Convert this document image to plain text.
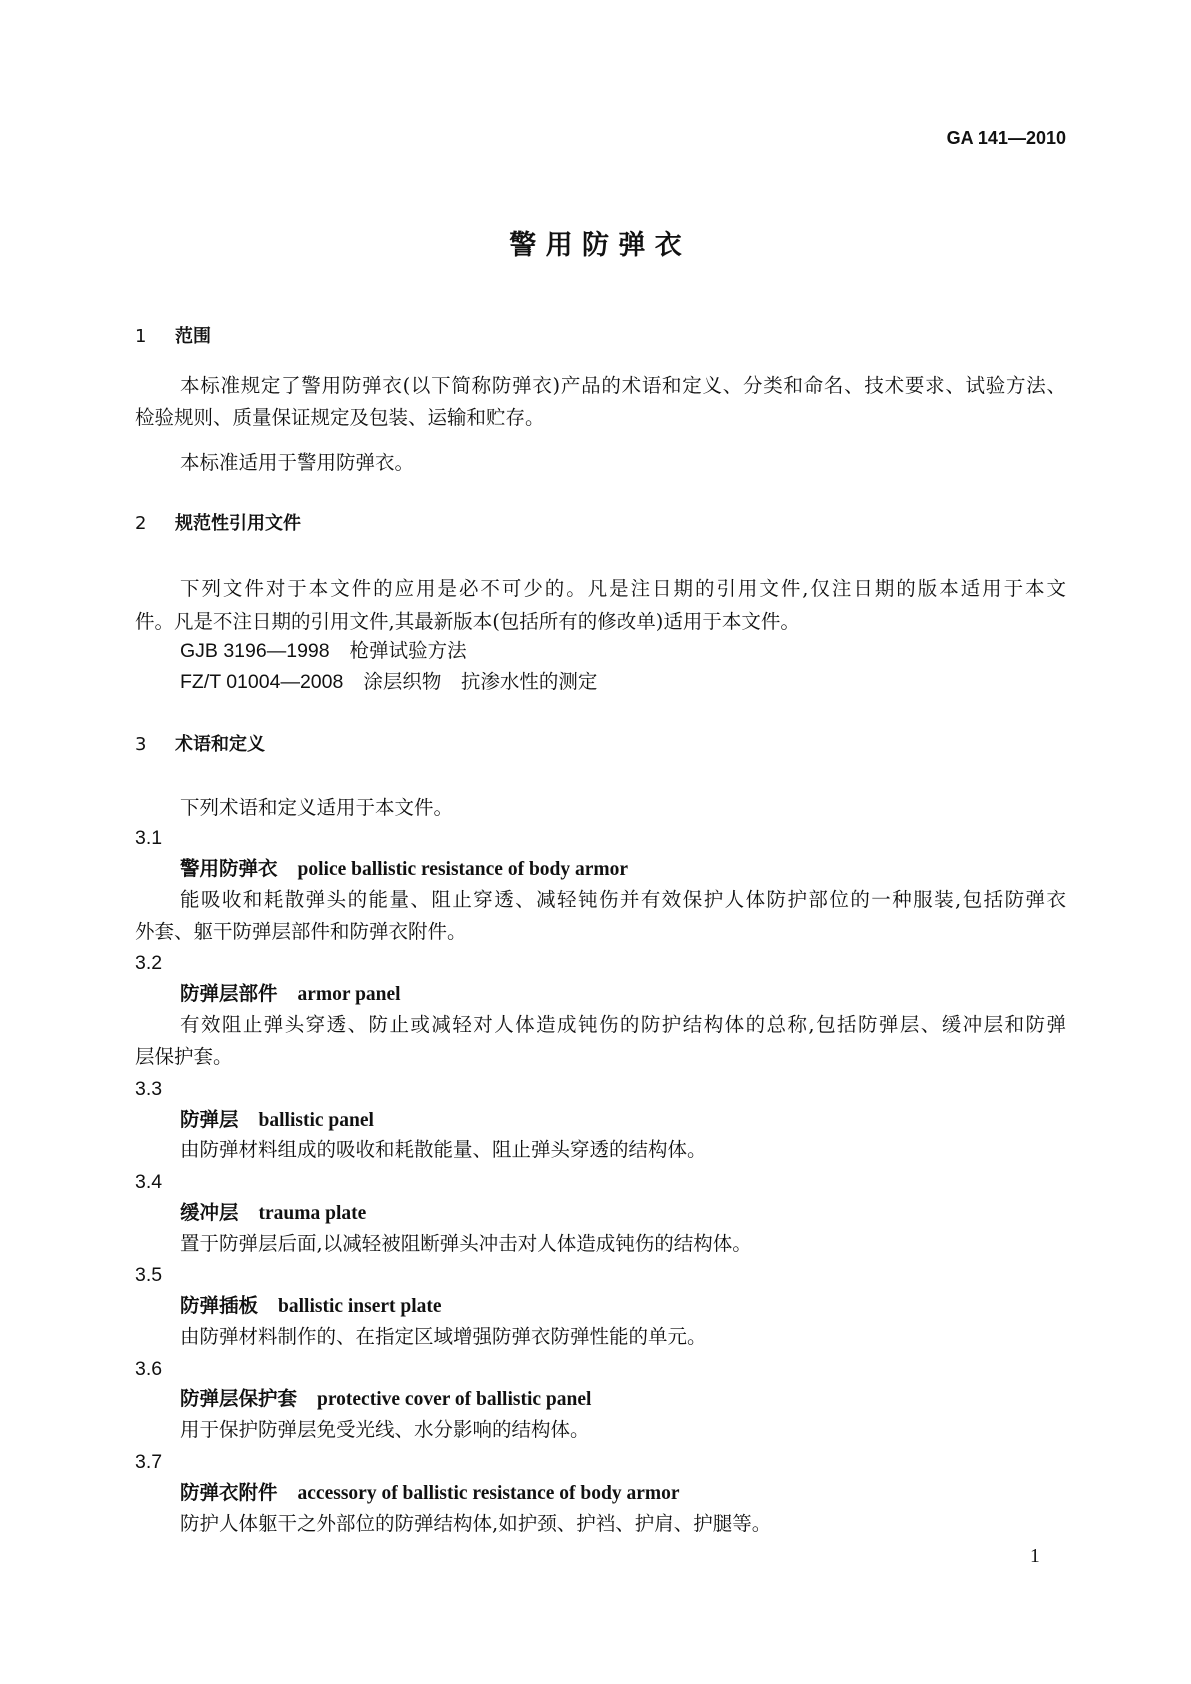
GA 141—2010
警 用 防 弹 衣
1 范围
本标准规定了警用防弹衣(以下简称防弹衣)产品的术语和定义、分类和命名、技术要求、试验方法、
检验规则、质量保证规定及包装、运输和贮存。
本标准适用于警用防弹衣。
2 规范性引用文件
下列文件对于本文件的应用是必不可少的。凡是注日期的引用文件,仅注日期的版本适用于本文
件。凡是不注日期的引用文件,其最新版本(包括所有的修改单)适用于本文件。
GJB 3196—1998 枪弹试验方法
FZ/T 01004—2008 涂层织物　抗渗水性的测定
3 术语和定义
下列术语和定义适用于本文件。
3.1
警用防弹衣 police ballistic resistance of body armor
能吸收和耗散弹头的能量、阻止穿透、减轻钝伤并有效保护人体防护部位的一种服装,包括防弹衣
外套、躯干防弹层部件和防弹衣附件。
3.2
防弹层部件 armor panel
有效阻止弹头穿透、防止或减轻对人体造成钝伤的防护结构体的总称,包括防弹层、缓冲层和防弹
层保护套。
3.3
防弹层 ballistic panel
由防弹材料组成的吸收和耗散能量、阻止弹头穿透的结构体。
3.4
缓冲层 trauma plate
置于防弹层后面,以减轻被阻断弹头冲击对人体造成钝伤的结构体。
3.5
防弹插板 ballistic insert plate
由防弹材料制作的、在指定区域增强防弹衣防弹性能的单元。
3.6
防弹层保护套 protective cover of ballistic panel
用于保护防弹层免受光线、水分影响的结构体。
3.7
防弹衣附件 accessory of ballistic resistance of body armor
防护人体躯干之外部位的防弹结构体,如护颈、护裆、护肩、护腿等。
1
